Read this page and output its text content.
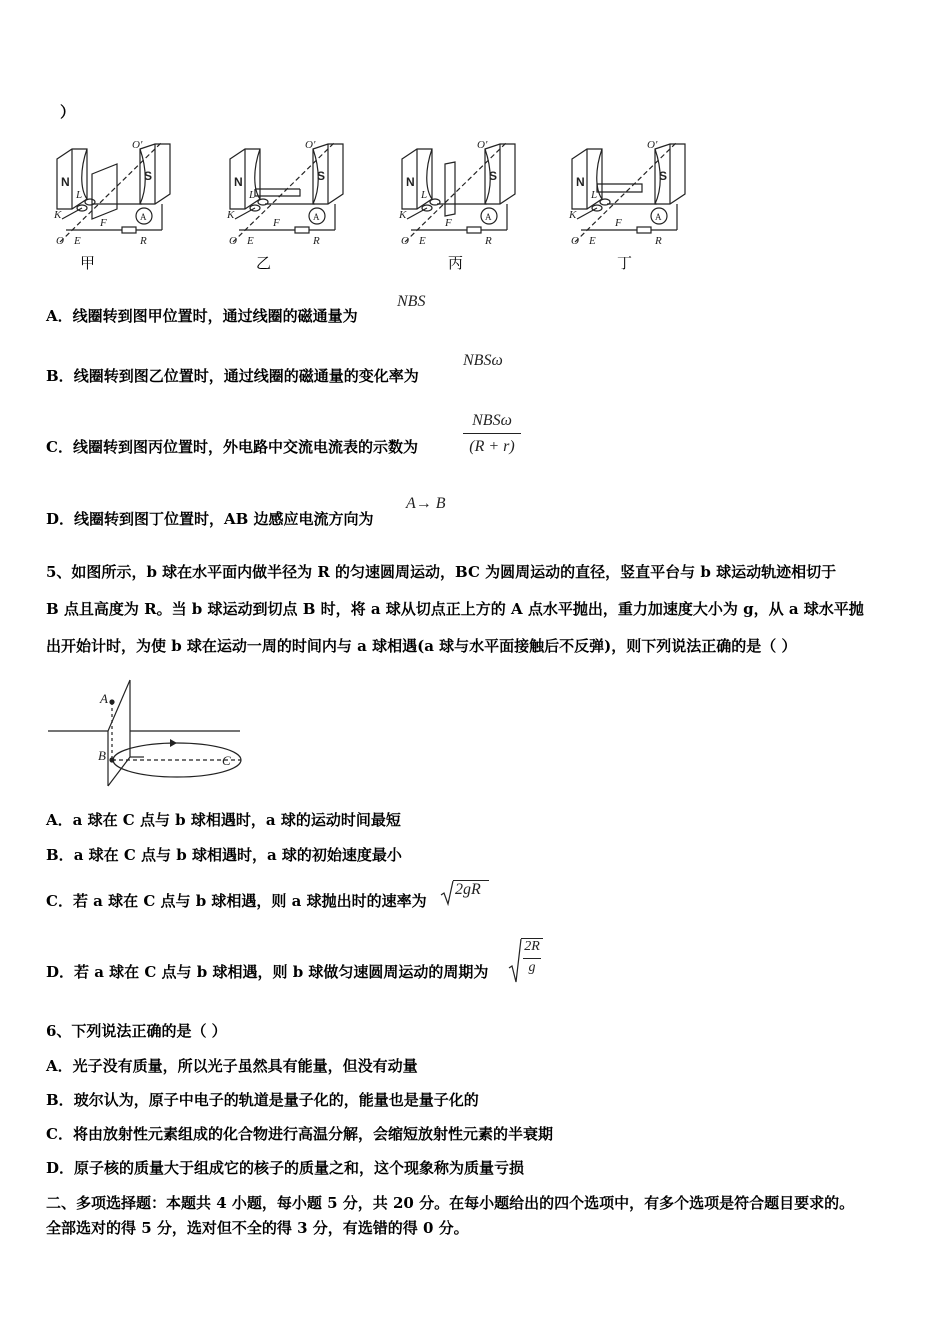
）
N	S
K
L
O
O'
E
F
R
A
N	S
K
L
O
O'
E
F
R
A
N	S
K
L
O
O'
E
F
R
A
N	S
K
L
O
O'
E
F
R
A
甲	乙	丙	丁
A．线圈转到图甲位置时，通过线圈的磁通量为
NBS
B．线圈转到图乙位置时，通过线圈的磁通量的变化率为
NBSω
C．线圈转到图丙位置时，外电路中交流电流表的示数为
NBSω
(R + r)
D．线圈转到图丁位置时，AB 边感应电流方向为
A→ B
5、如图所示，b 球在水平面内做半径为 R 的匀速圆周运动，BC 为圆周运动的直径，竖直平台与 b 球运动轨迹相切于
B 点且高度为 R。当 b 球运动到切点 B 时，将 a 球从切点正上方的 A 点水平抛出，重力加速度大小为 g，从 a 球水平抛
出开始计时，为使 b 球在运动一周的时间内与 a 球相遇(a 球与水平面接触后不反弹)，则下列说法正确的是（ ）
A
B	C
A．a 球在 C 点与 b 球相遇时，a 球的运动时间最短
B．a 球在 C 点与 b 球相遇时，a 球的初始速度最小
C．若 a 球在 C 点与 b 球相遇，则 a 球抛出时的速率为
2gR
D．若 a 球在 C 点与 b 球相遇，则 b 球做匀速圆周运动的周期为
2R
g
6、下列说法正确的是（ ）
A．光子没有质量，所以光子虽然具有能量，但没有动量
B．玻尔认为，原子中电子的轨道是量子化的，能量也是量子化的
C．将由放射性元素组成的化合物进行高温分解，会缩短放射性元素的半衰期
D．原子核的质量大于组成它的核子的质量之和，这个现象称为质量亏损
二、多项选择题：本题共 4 小题，每小题 5 分，共 20 分。在每小题给出的四个选项中，有多个选项是符合题目要求的。
全部选对的得 5 分，选对但不全的得 3 分，有选错的得 0 分。
